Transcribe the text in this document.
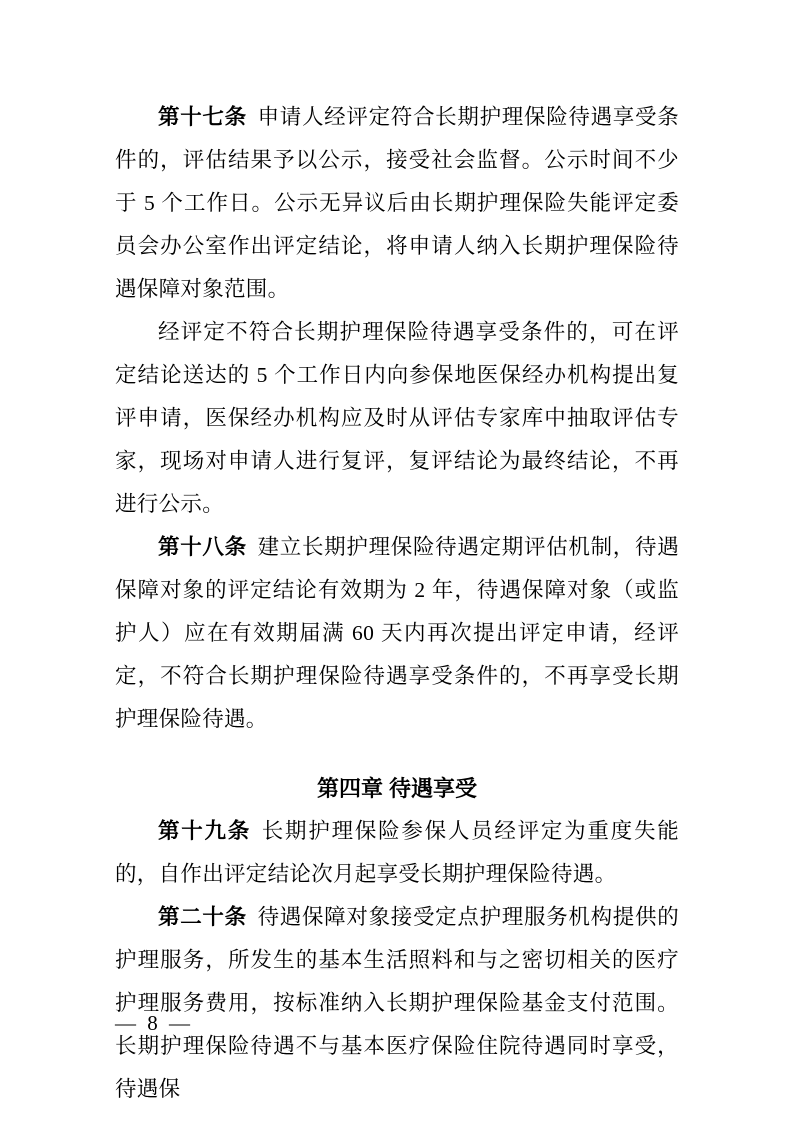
第十七条 申请人经评定符合长期护理保险待遇享受条件的，评估结果予以公示，接受社会监督。公示时间不少于 5 个工作日。公示无异议后由长期护理保险失能评定委员会办公室作出评定结论，将申请人纳入长期护理保险待遇保障对象范围。

经评定不符合长期护理保险待遇享受条件的，可在评定结论送达的 5 个工作日内向参保地医保经办机构提出复评申请，医保经办机构应及时从评估专家库中抽取评估专家，现场对申请人进行复评，复评结论为最终结论，不再进行公示。

第十八条 建立长期护理保险待遇定期评估机制，待遇保障对象的评定结论有效期为 2 年，待遇保障对象（或监护人）应在有效期届满 60 天内再次提出评定申请，经评定，不符合长期护理保险待遇享受条件的，不再享受长期护理保险待遇。

第四章 待遇享受

第十九条 长期护理保险参保人员经评定为重度失能的，自作出评定结论次月起享受长期护理保险待遇。

第二十条 待遇保障对象接受定点护理服务机构提供的护理服务，所发生的基本生活照料和与之密切相关的医疗护理服务费用，按标准纳入长期护理保险基金支付范围。长期护理保险待遇不与基本医疗保险住院待遇同时享受，待遇保

— 8 —
